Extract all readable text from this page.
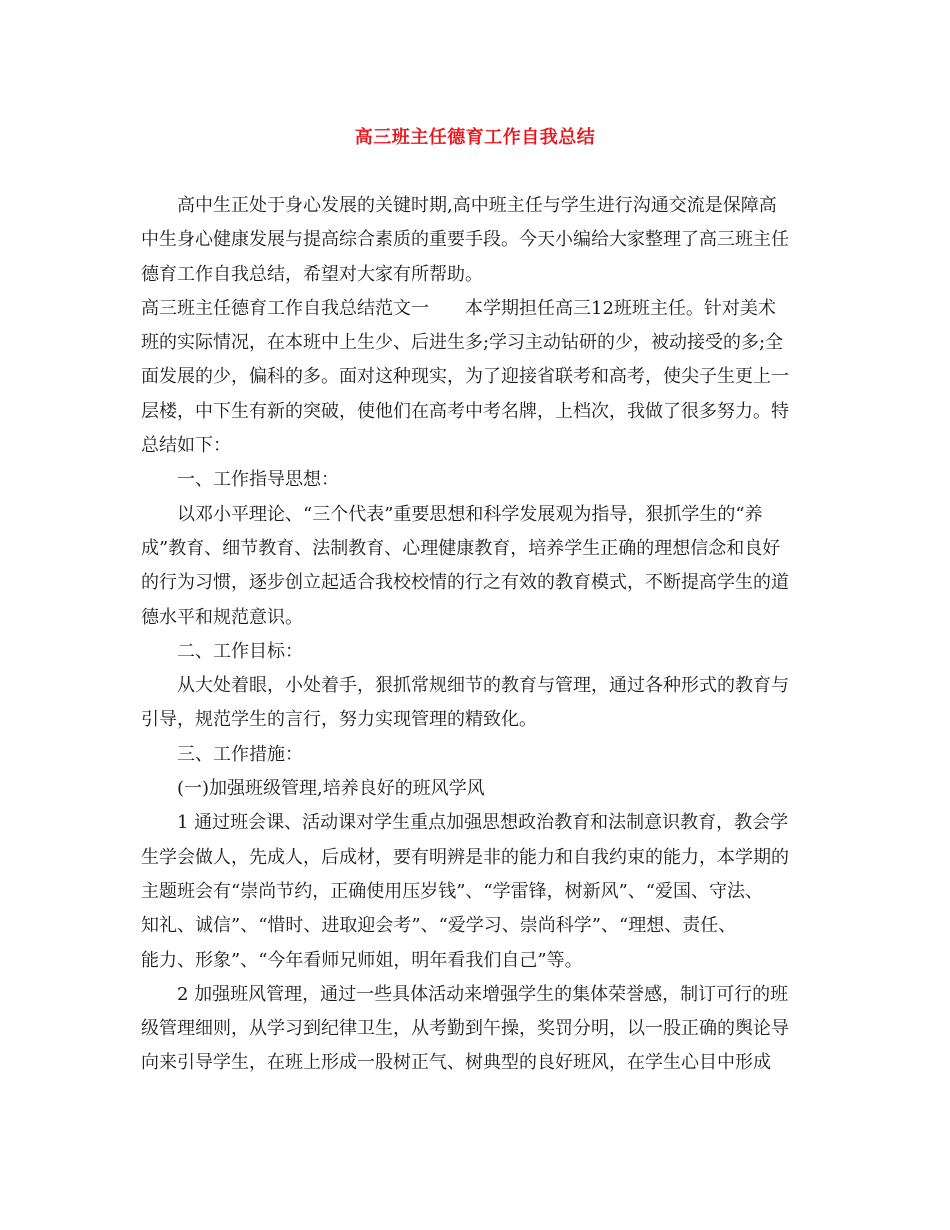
高三班主任德育工作自我总结
高中生正处于身心发展的关键时期,高中班主任与学生进行沟通交流是保障高
中生身心健康发展与提高综合素质的重要手段。今天小编给大家整理了高三班主任
德育工作自我总结，希望对大家有所帮助。
高三班主任德育工作自我总结范文一　　本学期担任高三12班班主任。针对美术
班的实际情况，在本班中上生少、后进生多;学习主动钻研的少，被动接受的多;全
面发展的少，偏科的多。面对这种现实，为了迎接省联考和高考，使尖子生更上一
层楼，中下生有新的突破，使他们在高考中考名牌，上档次，我做了很多努力。特
总结如下：
一、工作指导思想：
以邓小平理论、“三个代表”重要思想和科学发展观为指导，狠抓学生的“养
成”教育、细节教育、法制教育、心理健康教育，培养学生正确的理想信念和良好
的行为习惯，逐步创立起适合我校校情的行之有效的教育模式，不断提高学生的道
德水平和规范意识。
二、工作目标：
从大处着眼，小处着手，狠抓常规细节的教育与管理，通过各种形式的教育与
引导，规范学生的言行，努力实现管理的精致化。
三、工作措施：
(一)加强班级管理,培养良好的班风学风
1 通过班会课、活动课对学生重点加强思想政治教育和法制意识教育，教会学
生学会做人，先成人，后成材，要有明辨是非的能力和自我约束的能力，本学期的
主题班会有“崇尚节约，正确使用压岁钱”、“学雷锋，树新风”、“爱国、守法、
知礼、诚信”、“惜时、进取迎会考”、“爱学习、崇尚科学”、“理想、责任、
能力、形象”、“今年看师兄师姐，明年看我们自己”等。
2 加强班风管理，通过一些具体活动来增强学生的集体荣誉感，制订可行的班
级管理细则，从学习到纪律卫生，从考勤到午操，奖罚分明，以一股正确的舆论导
向来引导学生，在班上形成一股树正气、树典型的良好班风，在学生心目中形成
